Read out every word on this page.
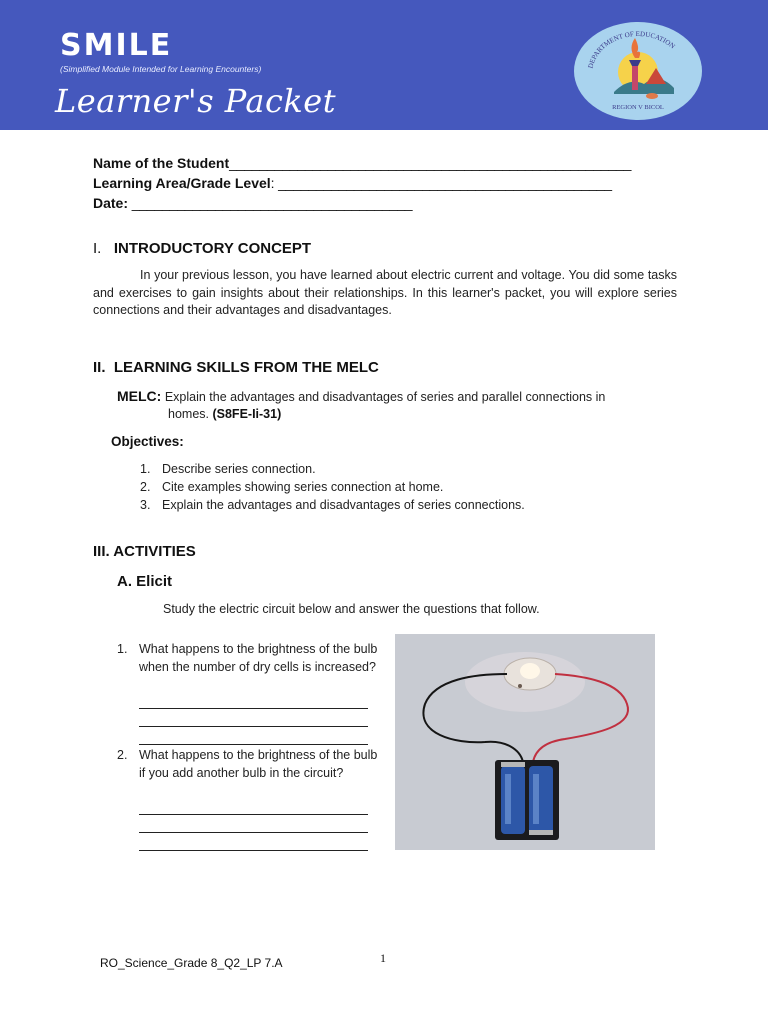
SMILE
(Simplified Module Intended for Learning Encounters)
Learner's Packet
DEPARTMENT OF EDUCATION
REGION V BICOL
Name of the Student_____________________________________________________
Learning Area/Grade Level: ____________________________________________
Date: _____________________________________
I. INTRODUCTORY CONCEPT
In your previous lesson, you have learned about electric current and voltage. You did some tasks and exercises to gain insights about their relationships. In this learner's packet, you will explore series connections and their advantages and disadvantages.
II. LEARNING SKILLS FROM THE MELC
MELC: Explain the advantages and disadvantages of series and parallel connections in
homes. (S8FE-Ii-31)
Objectives:
1. Describe series connection.
2. Cite examples showing series connection at home.
3. Explain the advantages and disadvantages of series connections.
III. ACTIVITIES
A. Elicit
Study the electric circuit below and answer the questions that follow.
1. What happens to the brightness of the bulb when the number of dry cells is increased?
2. What happens to the brightness of the bulb if you add another bulb in the circuit?
RO_Science_Grade 8_Q2_LP 7.A	1
